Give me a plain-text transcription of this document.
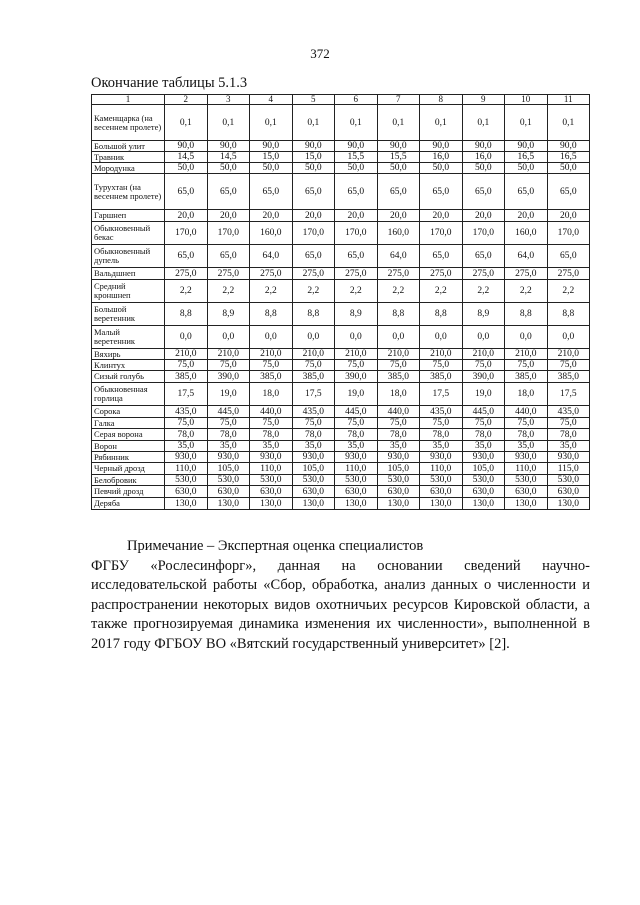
372
Окончание таблицы 5.1.3
1	2	3	4	5	6	7	8	9	10	11
Каменщарка (на весеннем пролете)	0,1	0,1	0,1	0,1	0,1	0,1	0,1	0,1	0,1	0,1
Большой улит	90,0	90,0	90,0	90,0	90,0	90,0	90,0	90,0	90,0	90,0
Травник	14,5	14,5	15,0	15,0	15,5	15,5	16,0	16,0	16,5	16,5
Мородунка	50,0	50,0	50,0	50,0	50,0	50,0	50,0	50,0	50,0	50,0
Турухтан (на весеннем пролете)	65,0	65,0	65,0	65,0	65,0	65,0	65,0	65,0	65,0	65,0
Гаршнеп	20,0	20,0	20,0	20,0	20,0	20,0	20,0	20,0	20,0	20,0
Обыкновенный бекас	170,0	170,0	160,0	170,0	170,0	160,0	170,0	170,0	160,0	170,0
Обыкновенный дупель	65,0	65,0	64,0	65,0	65,0	64,0	65,0	65,0	64,0	65,0
Вальдшнеп	275,0	275,0	275,0	275,0	275,0	275,0	275,0	275,0	275,0	275,0
Средний кроншнеп	2,2	2,2	2,2	2,2	2,2	2,2	2,2	2,2	2,2	2,2
Большой веретенник	8,8	8,9	8,8	8,8	8,9	8,8	8,8	8,9	8,8	8,8
Малый веретенник	0,0	0,0	0,0	0,0	0,0	0,0	0,0	0,0	0,0	0,0
Вяхирь	210,0	210,0	210,0	210,0	210,0	210,0	210,0	210,0	210,0	210,0
Клинтух	75,0	75,0	75,0	75,0	75,0	75,0	75,0	75,0	75,0	75,0
Сизый голубь	385,0	390,0	385,0	385,0	390,0	385,0	385,0	390,0	385,0	385,0
Обыкновенная горлица	17,5	19,0	18,0	17,5	19,0	18,0	17,5	19,0	18,0	17,5
Сорока	435,0	445,0	440,0	435,0	445,0	440,0	435,0	445,0	440,0	435,0
Галка	75,0	75,0	75,0	75,0	75,0	75,0	75,0	75,0	75,0	75,0
Серая ворона	78,0	78,0	78,0	78,0	78,0	78,0	78,0	78,0	78,0	78,0
Ворон	35,0	35,0	35,0	35,0	35,0	35,0	35,0	35,0	35,0	35,0
Рябинник	930,0	930,0	930,0	930,0	930,0	930,0	930,0	930,0	930,0	930,0
Черный дрозд	110,0	105,0	110,0	105,0	110,0	105,0	110,0	105,0	110,0	115,0
Белобровик	530,0	530,0	530,0	530,0	530,0	530,0	530,0	530,0	530,0	530,0
Певчий дрозд	630,0	630,0	630,0	630,0	630,0	630,0	630,0	630,0	630,0	630,0
Деряба	130,0	130,0	130,0	130,0	130,0	130,0	130,0	130,0	130,0	130,0
Примечание – Экспертная оценка специалистов
ФГБУ «Рослесинфорг», данная на основании сведений научно-исследовательской работы «Сбор, обработка, анализ данных о численности и распространении некоторых видов охотничьих ресурсов Кировской области, а также прогнозируемая динамика изменения их численности», выполненной в 2017 году ФГБОУ ВО «Вятский государственный университет» [2].
